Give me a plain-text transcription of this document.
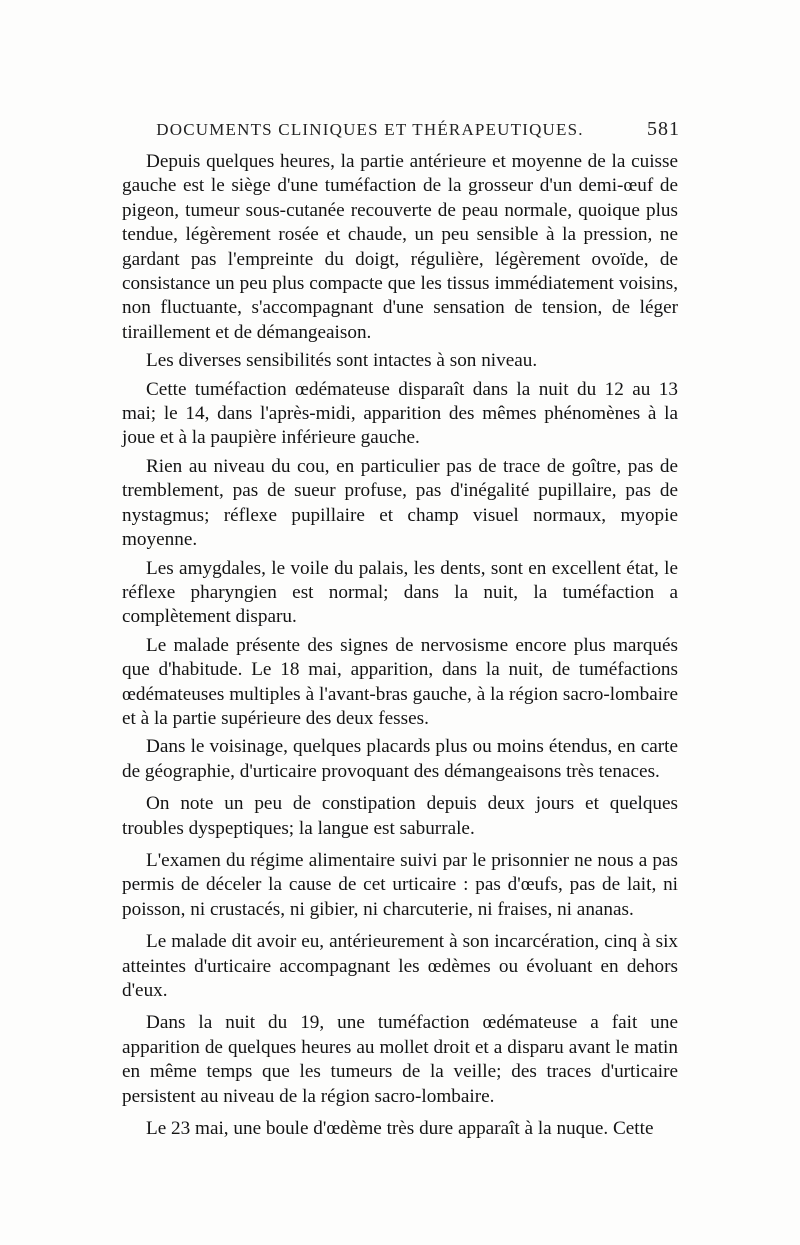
DOCUMENTS CLINIQUES ET THÉRAPEUTIQUES.	581

Depuis quelques heures, la partie antérieure et moyenne de la cuisse gauche est le siège d'une tuméfaction de la grosseur d'un demi-œuf de pigeon, tumeur sous-cutanée recouverte de peau normale, quoique plus tendue, légèrement rosée et chaude, un peu sensible à la pression, ne gardant pas l'empreinte du doigt, régulière, légèrement ovoïde, de consistance un peu plus compacte que les tissus immédiatement voisins, non fluctuante, s'accompagnant d'une sensation de tension, de léger tiraillement et de démangeaison.

Les diverses sensibilités sont intactes à son niveau.

Cette tuméfaction œdémateuse disparaît dans la nuit du 12 au 13 mai; le 14, dans l'après-midi, apparition des mêmes phénomènes à la joue et à la paupière inférieure gauche.

Rien au niveau du cou, en particulier pas de trace de goître, pas de tremblement, pas de sueur profuse, pas d'inégalité pupillaire, pas de nystagmus; réflexe pupillaire et champ visuel normaux, myopie moyenne.

Les amygdales, le voile du palais, les dents, sont en excellent état, le réflexe pharyngien est normal; dans la nuit, la tuméfaction a complètement disparu.

Le malade présente des signes de nervosisme encore plus marqués que d'habitude. Le 18 mai, apparition, dans la nuit, de tuméfactions œdémateuses multiples à l'avant-bras gauche, à la région sacro-lombaire et à la partie supérieure des deux fesses.

Dans le voisinage, quelques placards plus ou moins étendus, en carte de géographie, d'urticaire provoquant des démangeaisons très tenaces.

On note un peu de constipation depuis deux jours et quelques troubles dyspeptiques; la langue est saburrale.

L'examen du régime alimentaire suivi par le prisonnier ne nous a pas permis de déceler la cause de cet urticaire : pas d'œufs, pas de lait, ni poisson, ni crustacés, ni gibier, ni charcuterie, ni fraises, ni ananas.

Le malade dit avoir eu, antérieurement à son incarcération, cinq à six atteintes d'urticaire accompagnant les œdèmes ou évoluant en dehors d'eux.

Dans la nuit du 19, une tuméfaction œdémateuse a fait une apparition de quelques heures au mollet droit et a disparu avant le matin en même temps que les tumeurs de la veille; des traces d'urticaire persistent au niveau de la région sacro-lombaire.

Le 23 mai, une boule d'œdème très dure apparaît à la nuque. Cette
